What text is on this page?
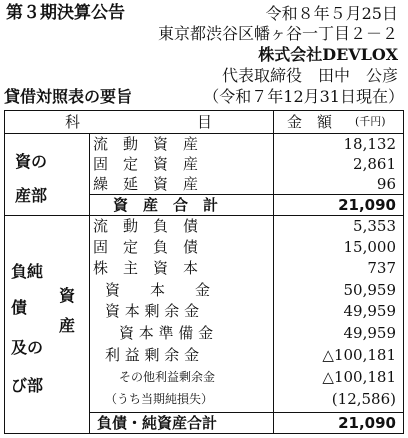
第３期決算公告	令和８年５月25日
東京都渋谷区幡ヶ谷一丁目２－２
株式会社DEVLOX
代表取締役　田中　公彦
貸借対照表の要旨	（令和７年12月31日現在）
科	目	金　額 (千円)
資の
産部
流　動　資　産	18,132
固　定　資　産	2,861
繰　延　資　産	96
資　産　合　計	21,090
負純
資
債
産
及の
び部
流　動　負　債	5,353
固　定　負　債	15,000
株　主　資　本	737
資　　本　　金	50,959
資 本 剰 余 金	49,959
資 本 準 備 金	49,959
利 益 剰 余 金	△100,181
その他利益剰余金	△100,181
（うち当期純損失）	(12,586)
負債・純資産合計	21,090
